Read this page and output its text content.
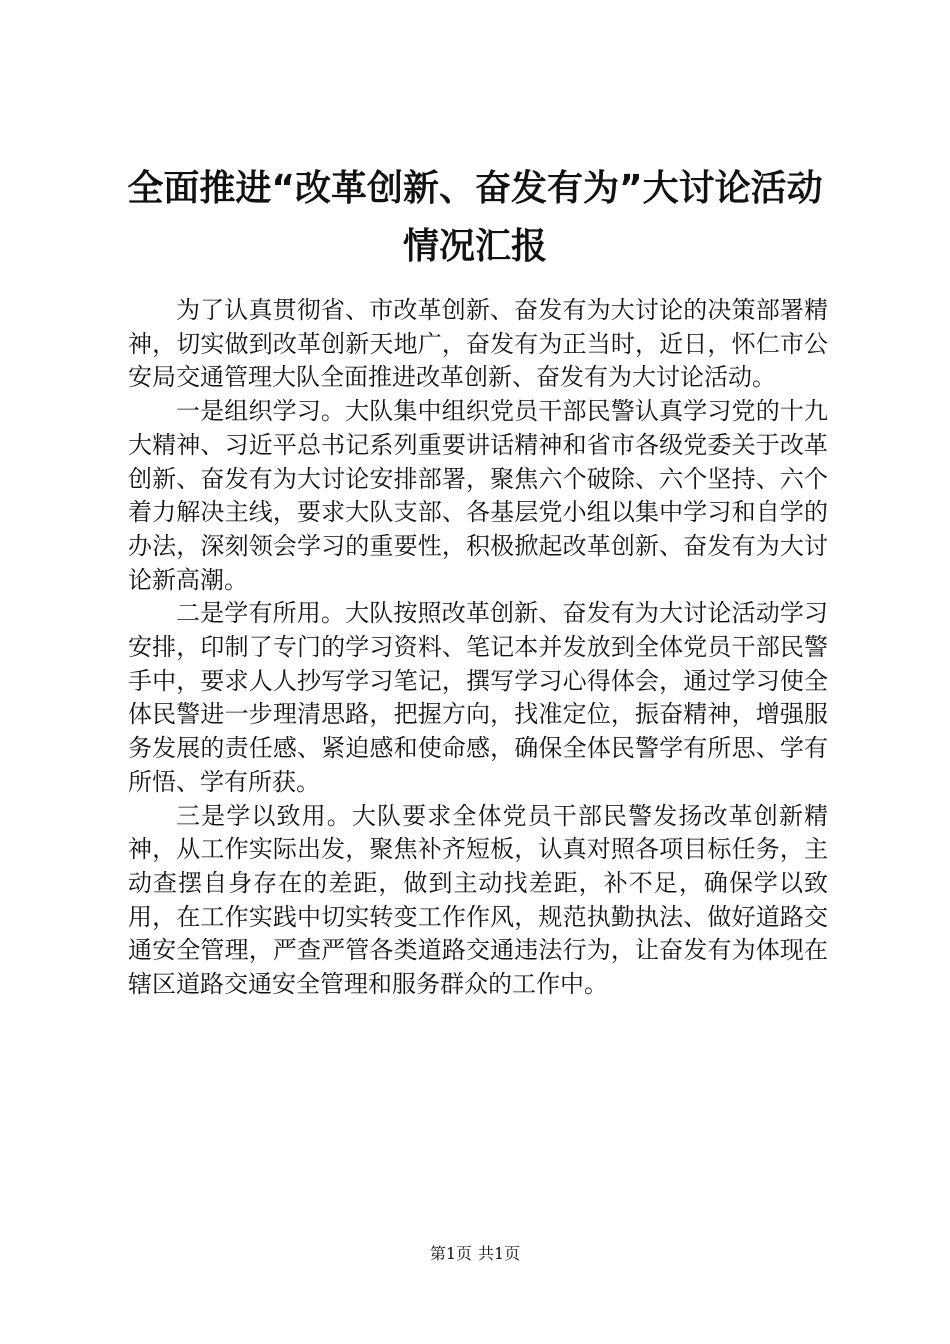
全面推进“改革创新、奋发有为”大讨论活动
情况汇报

为了认真贯彻省、市改革创新、奋发有为大讨论的决策部署精神，切实做到改革创新天地广，奋发有为正当时，近日，怀仁市公安局交通管理大队全面推进改革创新、奋发有为大讨论活动。

一是组织学习。大队集中组织党员干部民警认真学习党的十九大精神、习近平总书记系列重要讲话精神和省市各级党委关于改革创新、奋发有为大讨论安排部署，聚焦六个破除、六个坚持、六个着力解决主线，要求大队支部、各基层党小组以集中学习和自学的办法，深刻领会学习的重要性，积极掀起改革创新、奋发有为大讨论新高潮。

二是学有所用。大队按照改革创新、奋发有为大讨论活动学习安排，印制了专门的学习资料、笔记本并发放到全体党员干部民警手中，要求人人抄写学习笔记，撰写学习心得体会，通过学习使全体民警进一步理清思路，把握方向，找准定位，振奋精神，增强服务发展的责任感、紧迫感和使命感，确保全体民警学有所思、学有所悟、学有所获。

三是学以致用。大队要求全体党员干部民警发扬改革创新精神，从工作实际出发，聚焦补齐短板，认真对照各项目标任务，主动查摆自身存在的差距，做到主动找差距，补不足，确保学以致用，在工作实践中切实转变工作作风，规范执勤执法、做好道路交通安全管理，严查严管各类道路交通违法行为，让奋发有为体现在辖区道路交通安全管理和服务群众的工作中。

第1页 共1页
